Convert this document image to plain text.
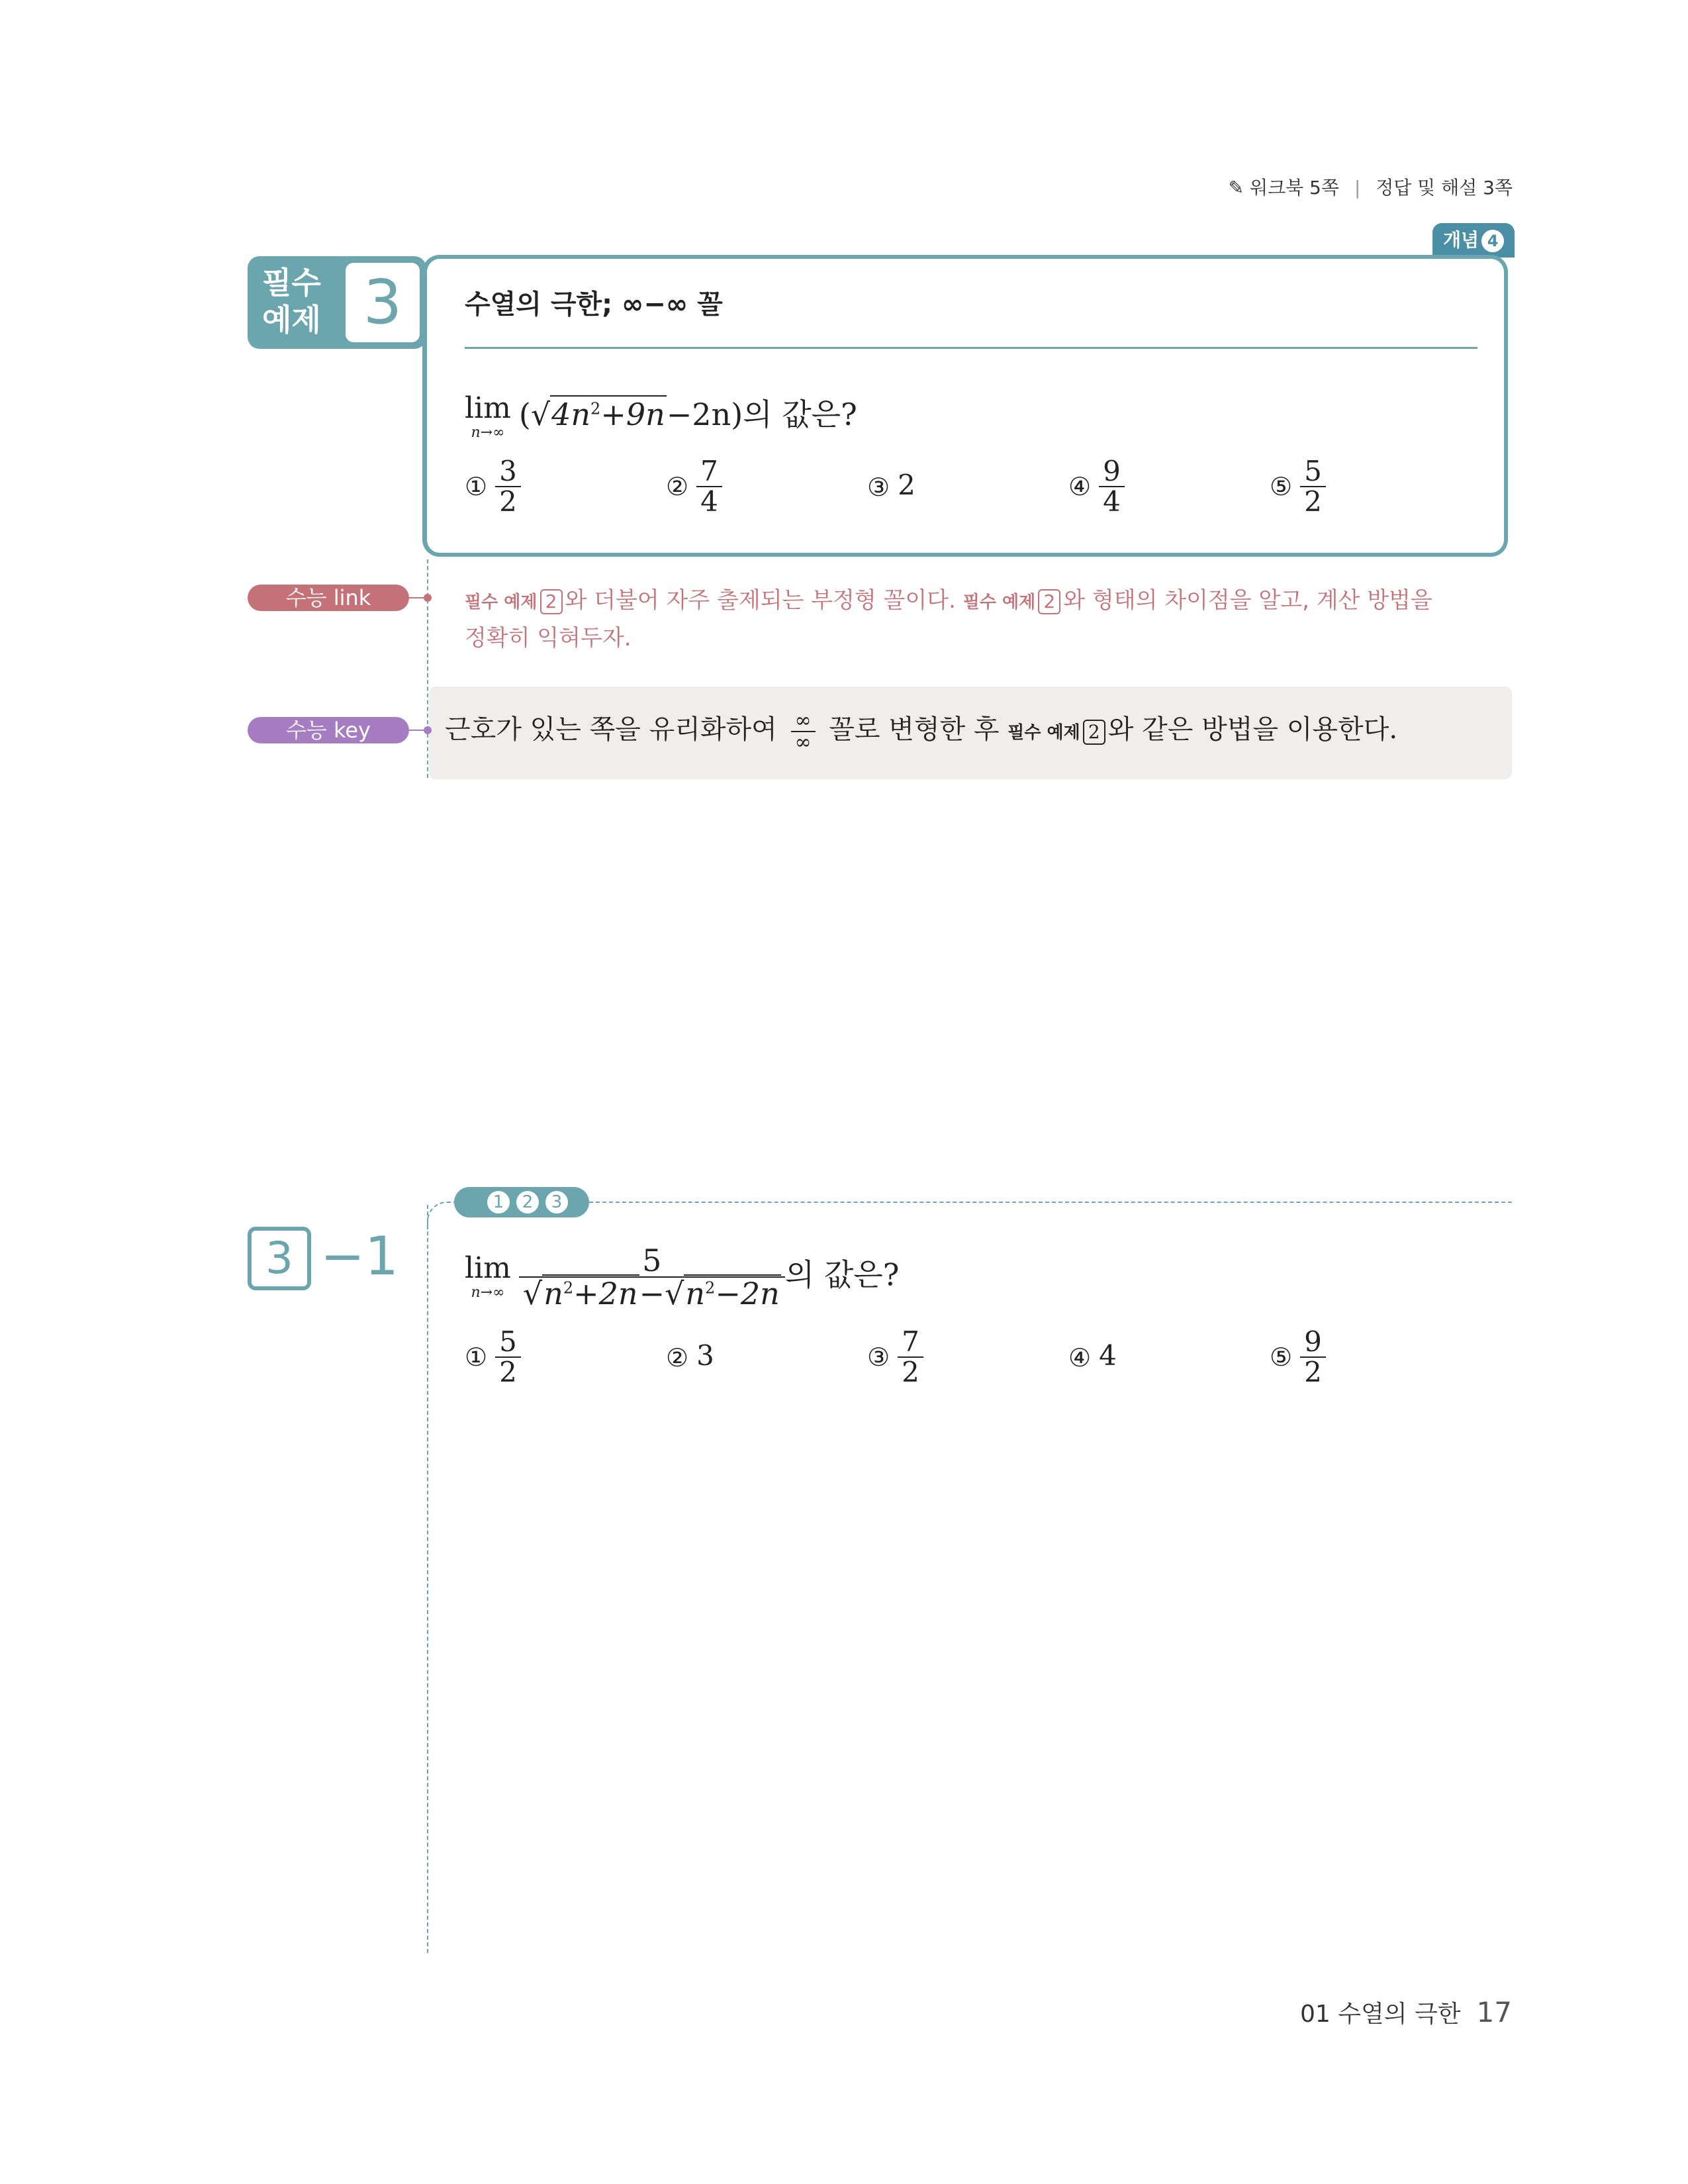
✎ 워크북 5쪽 | 정답 및 해설 3쪽
필수
예제 3
개념 4
수열의 극한; ∞−∞ 꼴
lim
n→∞
$(√4n^2+9n-2n)$의 값은?
① $\frac{3}{2}$	② $\frac{7}{4}$	③ 2	④ $\frac{9}{4}$	⑤ $\frac{5}{2}$
수능 link	필수 예제 2 와 더불어 자주 출제되는 부정형 꼴이다. 필수 예제 2 와 형태의 차이점을 알고, 계산 방법을 정확히 익혀두자.
수능 key	근호가 있는 쪽을 유리화하여 $\frac{\infty}{\infty}$ 꼴로 변형한 후 필수 예제 2 와 같은 방법을 이용한다.
1	2	3
3 −1 lim
$n\to\infty \frac{5}{√n^2+2n-√n^2-2n}$ 의 값은?
① $\frac{5}{2}$	② 3	③ $\frac{7}{2}$	④ 4	⑤ $\frac{9}{2}$
01 수열의 극한 17
